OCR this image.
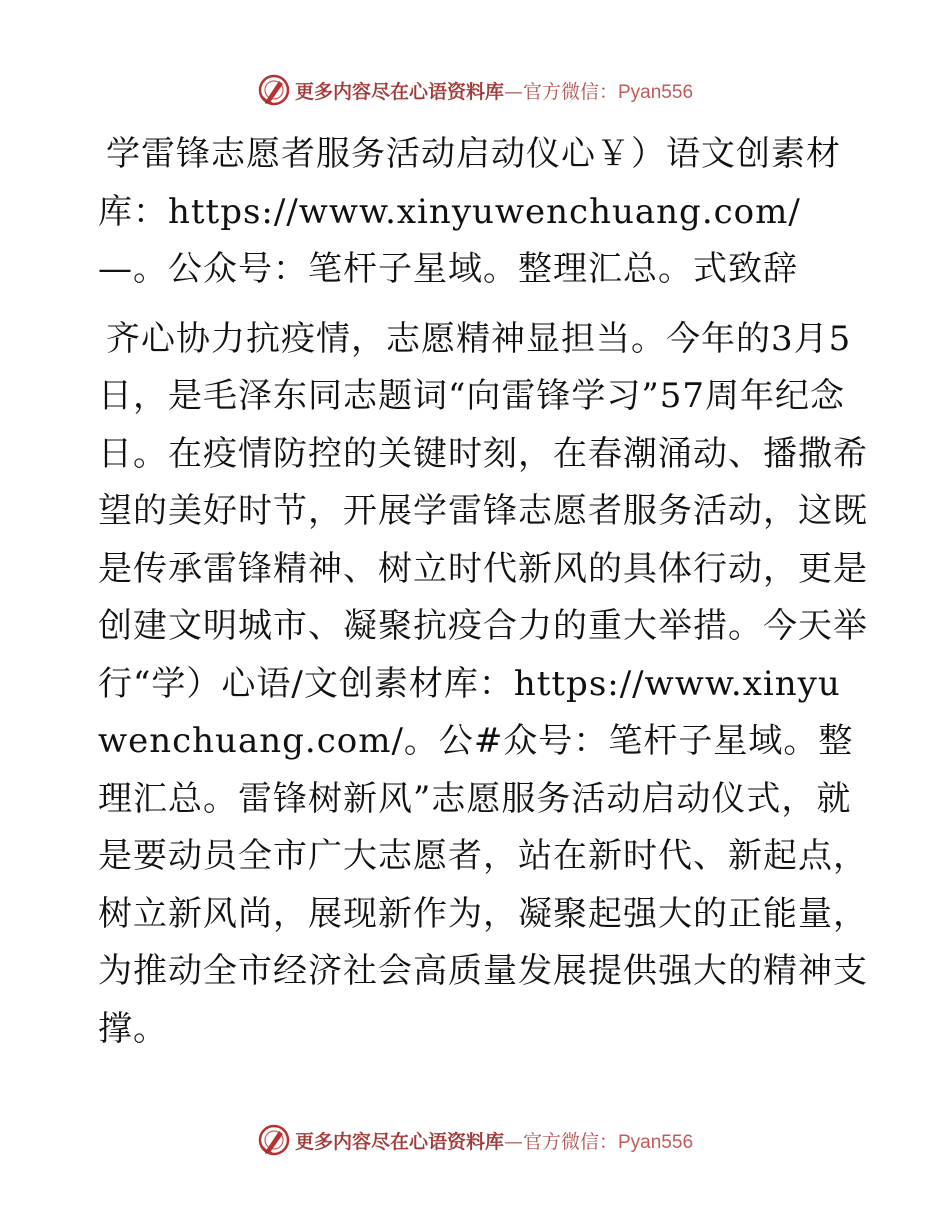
更多内容尽在心语资料库—官方微信：Pyan556

学雷锋志愿者服务活动启动仪心￥）语文创素材库：https://www.xinyuwenchuang.com/—。公众号：笔杆子星域。整理汇总。式致辞

齐心协力抗疫情，志愿精神显担当。今年的3月5日，是毛泽东同志题词“向雷锋学习”57周年纪念日。在疫情防控的关键时刻，在春潮涌动、播撒希望的美好时节，开展学雷锋志愿者服务活动，这既是传承雷锋精神、树立时代新风的具体行动，更是创建文明城市、凝聚抗疫合力的重大举措。今天举行“学）心语/文创素材库：https://www.xinyuwenchuang.com/。公#众号：笔杆子星域。整理汇总。雷锋树新风”志愿服务活动启动仪式，就是要动员全市广大志愿者，站在新时代、新起点，树立新风尚，展现新作为，凝聚起强大的正能量，为推动全市经济社会高质量发展提供强大的精神支撑。

更多内容尽在心语资料库—官方微信：Pyan556
